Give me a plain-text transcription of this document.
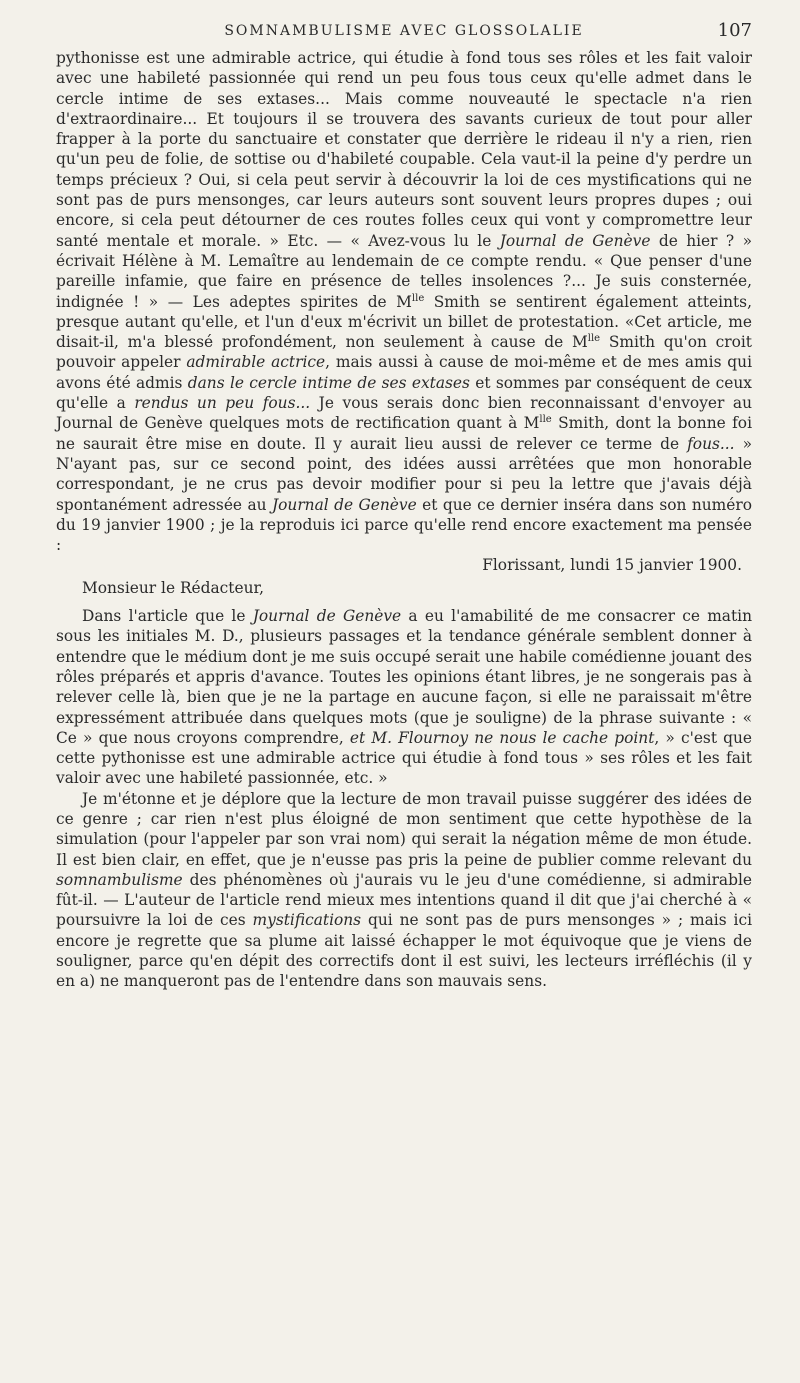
SOMNAMBULISME AVEC GLOSSOLALIE	107

pythonisse est une admirable actrice, qui étudie à fond tous ses rôles et les fait valoir avec une habileté passionnée qui rend un peu fous tous ceux qu'elle admet dans le cercle intime de ses extases... Mais comme nouveauté le spectacle n'a rien d'extraordinaire... Et toujours il se trouvera des savants curieux de tout pour aller frapper à la porte du sanctuaire et constater que derrière le rideau il n'y a rien, rien qu'un peu de folie, de sottise ou d'habileté coupable. Cela vaut-il la peine d'y perdre un temps précieux ? Oui, si cela peut servir à découvrir la loi de ces mystifications qui ne sont pas de purs mensonges, car leurs auteurs sont souvent leurs propres dupes ; oui encore, si cela peut détourner de ces routes folles ceux qui vont y compromettre leur santé mentale et morale. » Etc. — « Avez-vous lu le Journal de Genève de hier ? » écrivait Hélène à M. Lemaître au lendemain de ce compte rendu. « Que penser d'une pareille infamie, que faire en présence de telles insolences ?... Je suis consternée, indignée ! » — Les adeptes spirites de $M^{lle}$ Smith se sentirent également atteints, presque autant qu'elle, et l'un d'eux m'écrivit un billet de protestation. «Cet article, me disait-il, m'a blessé profondément, non seulement à cause de $M^{lle}$ Smith qu'on croit pouvoir appeler admirable actrice, mais aussi à cause de moi-même et de mes amis qui avons été admis dans le cercle intime de ses extases et sommes par conséquent de ceux qu'elle a rendus un peu fous... Je vous serais donc bien reconnaissant d'envoyer au Journal de Genève quelques mots de rectification quant à $M^{lle}$ Smith, dont la bonne foi ne saurait être mise en doute. Il y aurait lieu aussi de relever ce terme de fous... » N'ayant pas, sur ce second point, des idées aussi arrêtées que mon honorable correspondant, je ne crus pas devoir modifier pour si peu la lettre que j'avais déjà spontanément adressée au Journal de Genève et que ce dernier inséra dans son numéro du 19 janvier 1900 ; je la reproduis ici parce qu'elle rend encore exactement ma pensée :

Florissant, lundi 15 janvier 1900.

Monsieur le Rédacteur,

Dans l'article que le Journal de Genève a eu l'amabilité de me consacrer ce matin sous les initiales M. D., plusieurs passages et la tendance générale semblent donner à entendre que le médium dont je me suis occupé serait une habile comédienne jouant des rôles préparés et appris d'avance. Toutes les opinions étant libres, je ne songerais pas à relever celle là, bien que je ne la partage en aucune façon, si elle ne paraissait m'être expressément attribuée dans quelques mots (que je souligne) de la phrase suivante : « Ce » que nous croyons comprendre, et M. Flournoy ne nous le cache point, » c'est que cette pythonisse est une admirable actrice qui étudie à fond tous » ses rôles et les fait valoir avec une habileté passionnée, etc. »

Je m'étonne et je déplore que la lecture de mon travail puisse suggérer des idées de ce genre ; car rien n'est plus éloigné de mon sentiment que cette hypothèse de la simulation (pour l'appeler par son vrai nom) qui serait la négation même de mon étude. Il est bien clair, en effet, que je n'eusse pas pris la peine de publier comme relevant du somnambulisme des phénomènes où j'aurais vu le jeu d'une comédienne, si admirable fût-il. — L'auteur de l'article rend mieux mes intentions quand il dit que j'ai cherché à « poursuivre la loi de ces mystifications qui ne sont pas de purs mensonges » ; mais ici encore je regrette que sa plume ait laissé échapper le mot équivoque que je viens de souligner, parce qu'en dépit des correctifs dont il est suivi, les lecteurs irréfléchis (il y en a) ne manqueront pas de l'entendre dans son mauvais sens.
